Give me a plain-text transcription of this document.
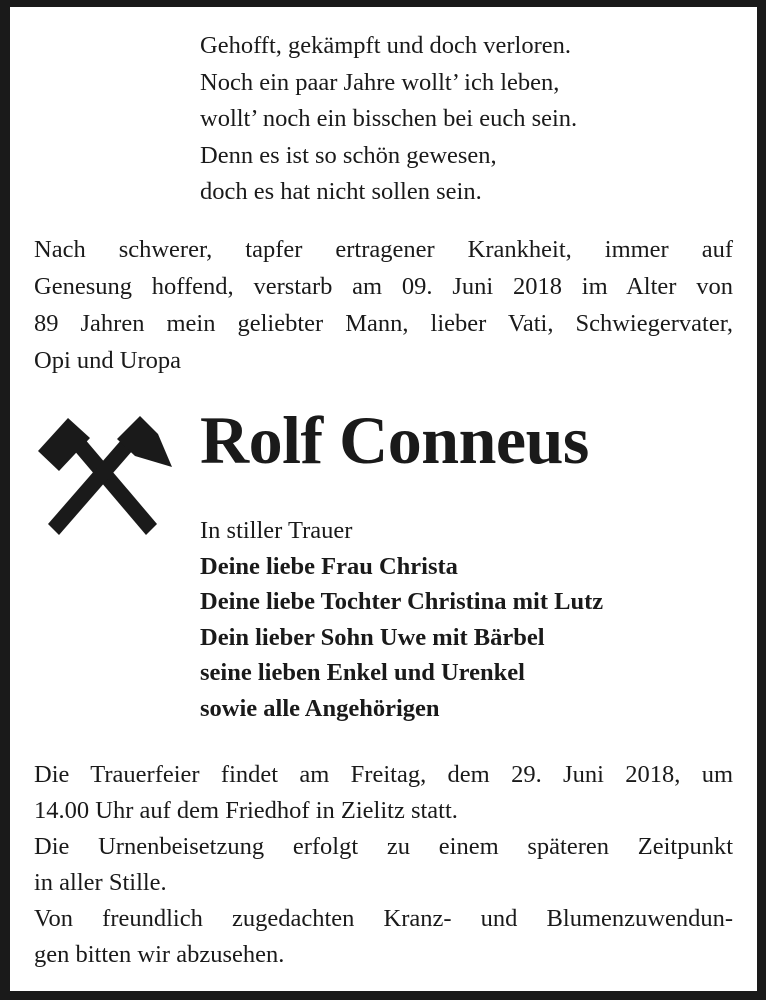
Gehofft, gekämpft und doch verloren.
Noch ein paar Jahre wollt’ ich leben,
wollt’ noch ein bisschen bei euch sein.
Denn es ist so schön gewesen,
doch es hat nicht sollen sein.
Nach schwerer, tapfer ertragener Krankheit, immer auf
Genesung hoffend, verstarb am 09. Juni 2018 im Alter von
89 Jahren mein geliebter Mann, lieber Vati, Schwiegervater,
Opi und Uropa
Rolf Conneus
In stiller Trauer
Deine liebe Frau Christa
Deine liebe Tochter Christina mit Lutz
Dein lieber Sohn Uwe mit Bärbel
seine lieben Enkel und Urenkel
sowie alle Angehörigen
Die Trauerfeier findet am Freitag, dem 29. Juni 2018, um
14.00 Uhr auf dem Friedhof in Zielitz statt.
Die Urnenbeisetzung erfolgt zu einem späteren Zeitpunkt
in aller Stille.
Von freundlich zugedachten Kranz- und Blumenzuwendun-
gen bitten wir abzusehen.
